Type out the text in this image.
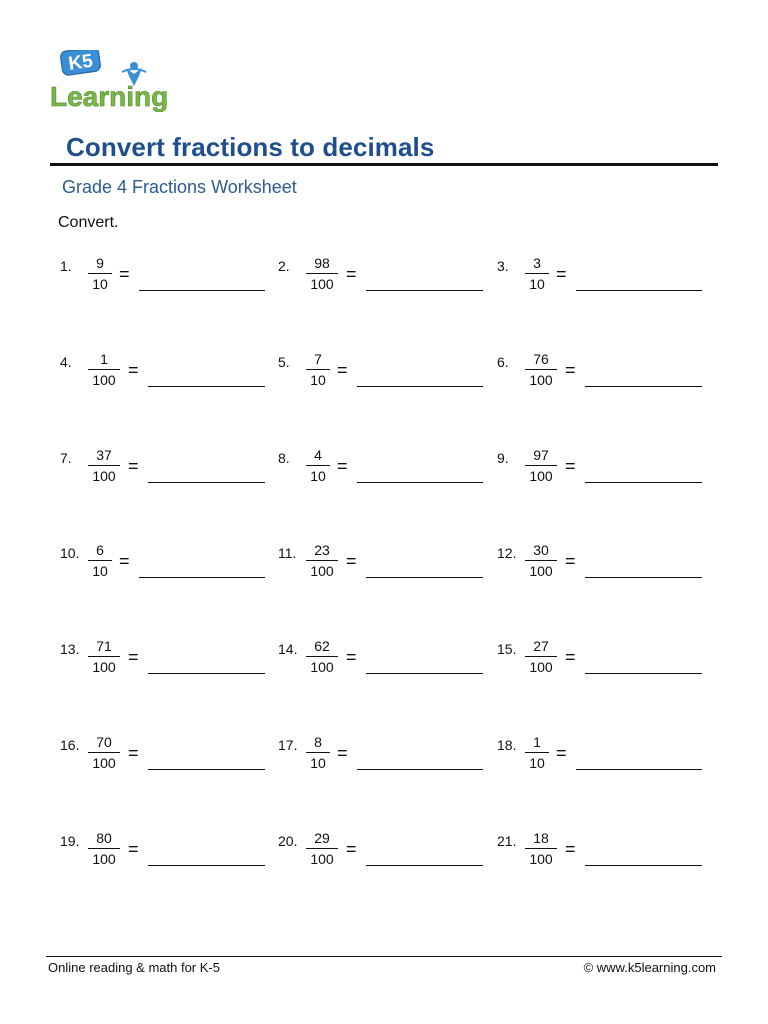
K5
Learning
Convert fractions to decimals
Grade 4 Fractions Worksheet
Convert.
1. 9
10 =	2. 98
100 =	3. 3
10 =
4. 1
100 =	5. 7
10 =	6. 76
100 =
7. 37
100 =	8. 4
10 =	9. 97
100 =
10. 6
10 =	11. 23
100 =	12. 30
100 =
13. 71
100 =	14. 62
100 =	15. 27
100 =
16. 70
100 =	17. 8
10 =	18. 1
10 =
19. 80
100 =	20. 29
100 =	21. 18
100 =
Online reading & math for K-5	© www.k5learning.com
